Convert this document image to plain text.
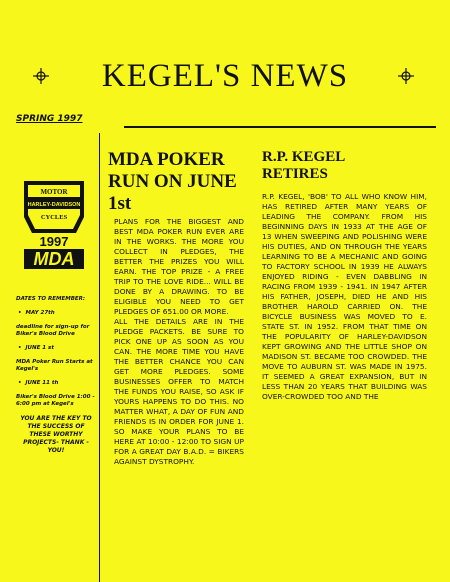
KEGEL'S NEWS
SPRING 1997
MOTOR
HARLEY-DAVIDSON
CYCLES
1997
MDA
DATES TO REMEMBER:
• MAY 27th
deadline for sign-up for Biker's Blood Drive
• JUNE 1 st
MDA Poker Run Starts at Kegel's
• JUNE 11 th
Biker's Blood Drive 1:00 - 6:00 pm at Kegel's
YOU ARE THE KEY TO THE SUCCESS OF THESE WORTHY PROJECTS- THANK - YOU!
MDA POKER RUN ON JUNE 1st

PLANS FOR THE BIGGEST AND BEST MDA POKER RUN EVER ARE IN THE WORKS. THE MORE YOU COLLECT IN PLEDGES, THE BETTER THE PRIZES YOU WILL EARN. THE TOP PRIZE - A FREE TRIP TO THE LOVE RIDE... WILL BE DONE BY A DRAWING. TO BE ELIGIBLE YOU NEED TO GET PLEDGES OF 651.00 OR MORE.

ALL THE DETAILS ARE IN THE PLEDGE PACKETS. BE SURE TO PICK ONE UP AS SOON AS YOU CAN. THE MORE TIME YOU HAVE THE BETTER CHANCE YOU CAN GET MORE PLEDGES. SOME BUSINESSES OFFER TO MATCH THE FUNDS YOU RAISE, SO ASK IF YOURS HAPPENS TO DO THIS. NO MATTER WHAT, A DAY OF FUN AND FRIENDS IS IN ORDER FOR JUNE 1. SO MAKE YOUR PLANS TO BE HERE AT 10:00 - 12:00 TO SIGN UP FOR A GREAT DAY B.A.D. = BIKERS AGAINST DYSTROPHY.

R.P. KEGEL RETIRES

R.P. KEGEL, 'BOB' TO ALL WHO KNOW HIM, HAS RETIRED AFTER MANY YEARS OF LEADING THE COMPANY. FROM HIS BEGINNING DAYS IN 1933 AT THE AGE OF 13 WHEN SWEEPING AND POLISHING WERE HIS DUTIES, AND ON THROUGH THE YEARS LEARNING TO BE A MECHANIC AND GOING TO FACTORY SCHOOL IN 1939 HE ALWAYS ENJOYED RIDING - EVEN DABBLING IN RACING FROM 1939 - 1941. IN 1947 AFTER HIS FATHER, JOSEPH, DIED HE AND HIS BROTHER HAROLD CARRIED ON. THE BICYCLE BUSINESS WAS MOVED TO E. STATE ST. IN 1952. FROM THAT TIME ON THE POPULARITY OF HARLEY-DAVIDSON KEPT GROWING AND THE LITTLE SHOP ON MADISON ST. BECAME TOO CROWDED. THE MOVE TO AUBURN ST. WAS MADE IN 1975. IT SEEMED A GREAT EXPANSION, BUT IN LESS THAN 20 YEARS THAT BUILDING WAS OVER-CROWDED TOO AND THE
